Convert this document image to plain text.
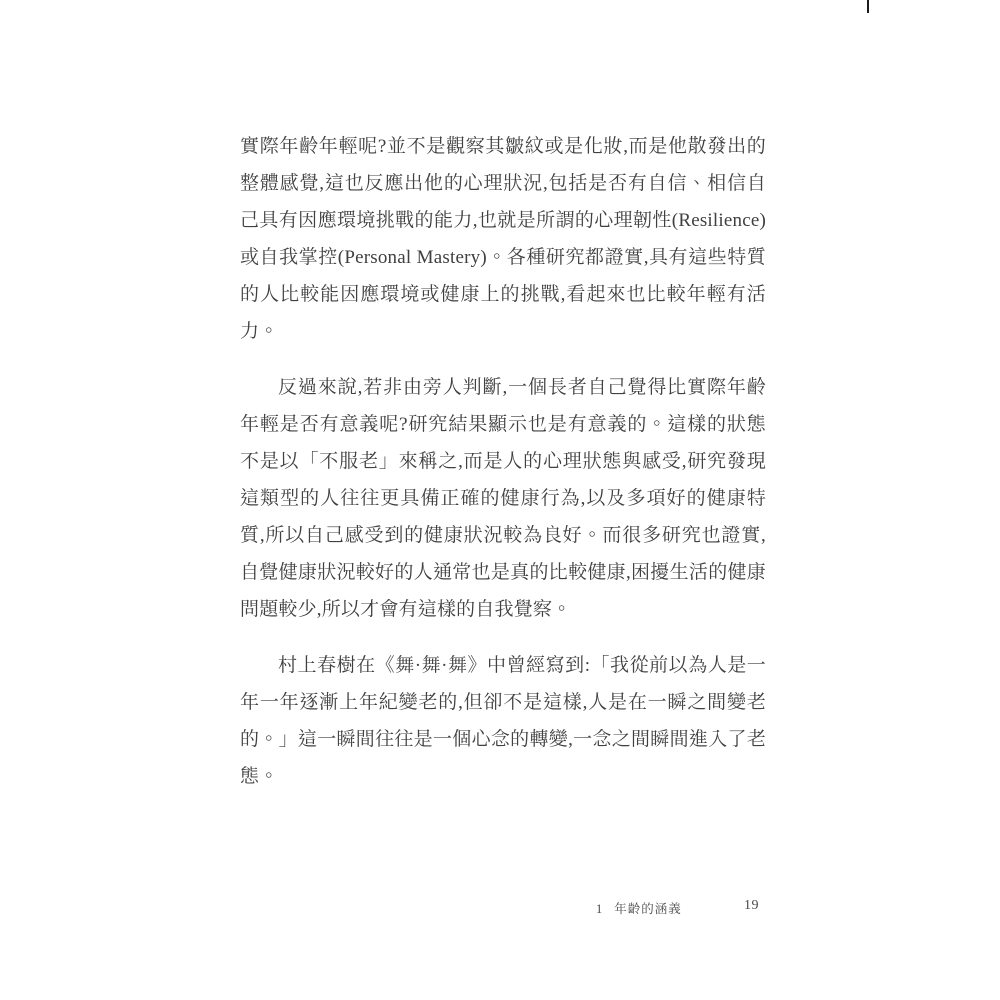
實際年齡年輕呢?並不是觀察其皺紋或是化妝,而是他散發出的整體感覺,這也反應出他的心理狀況,包括是否有自信、相信自己具有因應環境挑戰的能力,也就是所謂的心理韌性(Resilience)或自我掌控(Personal Mastery)。各種研究都證實,具有這些特質的人比較能因應環境或健康上的挑戰,看起來也比較年輕有活力。

反過來說,若非由旁人判斷,一個長者自己覺得比實際年齡年輕是否有意義呢?研究結果顯示也是有意義的。這樣的狀態不是以「不服老」來稱之,而是人的心理狀態與感受,研究發現這類型的人往往更具備正確的健康行為,以及多項好的健康特質,所以自己感受到的健康狀況較為良好。而很多研究也證實,自覺健康狀況較好的人通常也是真的比較健康,困擾生活的健康問題較少,所以才會有這樣的自我覺察。

村上春樹在《舞·舞·舞》中曾經寫到:「我從前以為人是一年一年逐漸上年紀變老的,但卻不是這樣,人是在一瞬之間變老的。」這一瞬間往往是一個心念的轉變,一念之間瞬間進入了老態。

1 年齡的涵義	19
